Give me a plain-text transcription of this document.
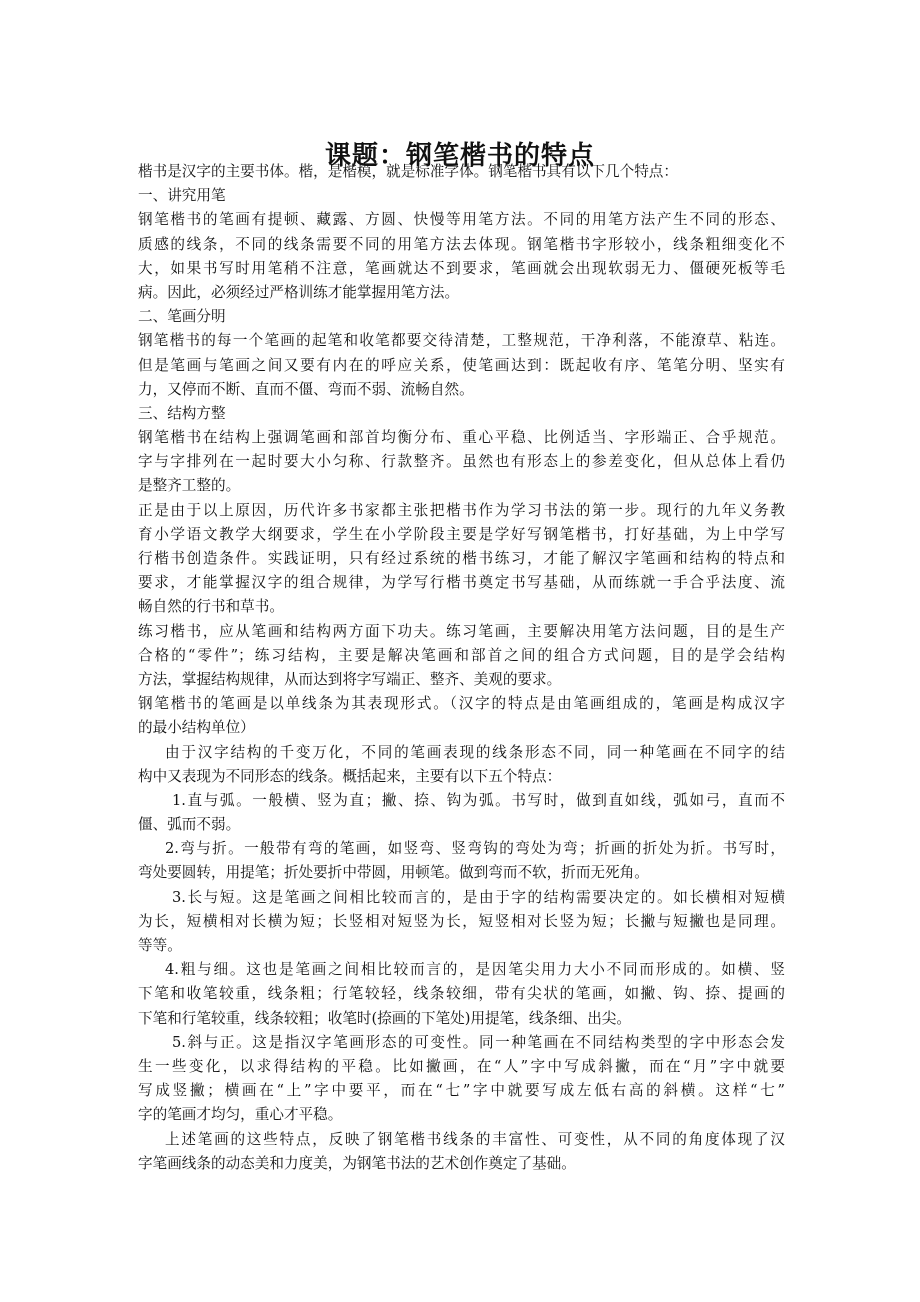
课题：钢笔楷书的特点
楷书是汉字的主要书体。楷，是楷模，就是标准字体。钢笔楷书具有以下几个特点：
一、讲究用笔
钢笔楷书的笔画有提顿、藏露、方圆、快慢等用笔方法。不同的用笔方法产生不同的形态、
质感的线条，不同的线条需要不同的用笔方法去体现。钢笔楷书字形较小，线条粗细变化不
大，如果书写时用笔稍不注意，笔画就达不到要求，笔画就会出现软弱无力、僵硬死板等毛
病。因此，必须经过严格训练才能掌握用笔方法。
二、笔画分明
钢笔楷书的每一个笔画的起笔和收笔都要交待清楚，工整规范，干净利落，不能潦草、粘连。
但是笔画与笔画之间又要有内在的呼应关系，使笔画达到：既起收有序、笔笔分明、坚实有
力，又停而不断、直而不僵、弯而不弱、流畅自然。
三、结构方整
钢笔楷书在结构上强调笔画和部首均衡分布、重心平稳、比例适当、字形端正、合乎规范。
字与字排列在一起时要大小匀称、行款整齐。虽然也有形态上的参差变化，但从总体上看仍
是整齐工整的。
正是由于以上原因，历代许多书家都主张把楷书作为学习书法的第一步。现行的九年义务教
育小学语文教学大纲要求，学生在小学阶段主要是学好写钢笔楷书，打好基础，为上中学写
行楷书创造条件。实践证明，只有经过系统的楷书练习，才能了解汉字笔画和结构的特点和
要求，才能掌握汉字的组合规律，为学写行楷书奠定书写基础，从而练就一手合乎法度、流
畅自然的行书和草书。
练习楷书，应从笔画和结构两方面下功夫。练习笔画，主要解决用笔方法问题，目的是生产
合格的“零件”；练习结构，主要是解决笔画和部首之间的组合方式问题，目的是学会结构
方法，掌握结构规律，从而达到将字写端正、整齐、美观的要求。
钢笔楷书的笔画是以单线条为其表现形式。（汉字的特点是由笔画组成的，笔画是构成汉字
的最小结构单位）
由于汉字结构的千变万化，不同的笔画表现的线条形态不同，同一种笔画在不同字的结
构中又表现为不同形态的线条。概括起来，主要有以下五个特点：
1.直与弧。一般横、竖为直；撇、捺、钩为弧。书写时，做到直如线，弧如弓，直而不
僵、弧而不弱。
2.弯与折。一般带有弯的笔画，如竖弯、竖弯钩的弯处为弯；折画的折处为折。书写时，
弯处要圆转，用提笔；折处要折中带圆，用顿笔。做到弯而不软，折而无死角。
3.长与短。这是笔画之间相比较而言的，是由于字的结构需要决定的。如长横相对短横
为长，短横相对长横为短；长竖相对短竖为长，短竖相对长竖为短；长撇与短撇也是同理。
等等。
4.粗与细。这也是笔画之间相比较而言的，是因笔尖用力大小不同而形成的。如横、竖
下笔和收笔较重，线条粗；行笔较轻，线条较细，带有尖状的笔画，如撇、钩、捺、提画的
下笔和行笔较重，线条较粗；收笔时(捺画的下笔处)用提笔，线条细、出尖。
5.斜与正。这是指汉字笔画形态的可变性。同一种笔画在不同结构类型的字中形态会发
生一些变化，以求得结构的平稳。比如撇画，在“人”字中写成斜撇，而在“月”字中就要
写成竖撇；横画在“上”字中要平，而在“七”字中就要写成左低右高的斜横。这样“七”
字的笔画才均匀，重心才平稳。
上述笔画的这些特点，反映了钢笔楷书线条的丰富性、可变性，从不同的角度体现了汉
字笔画线条的动态美和力度美，为钢笔书法的艺术创作奠定了基础。
